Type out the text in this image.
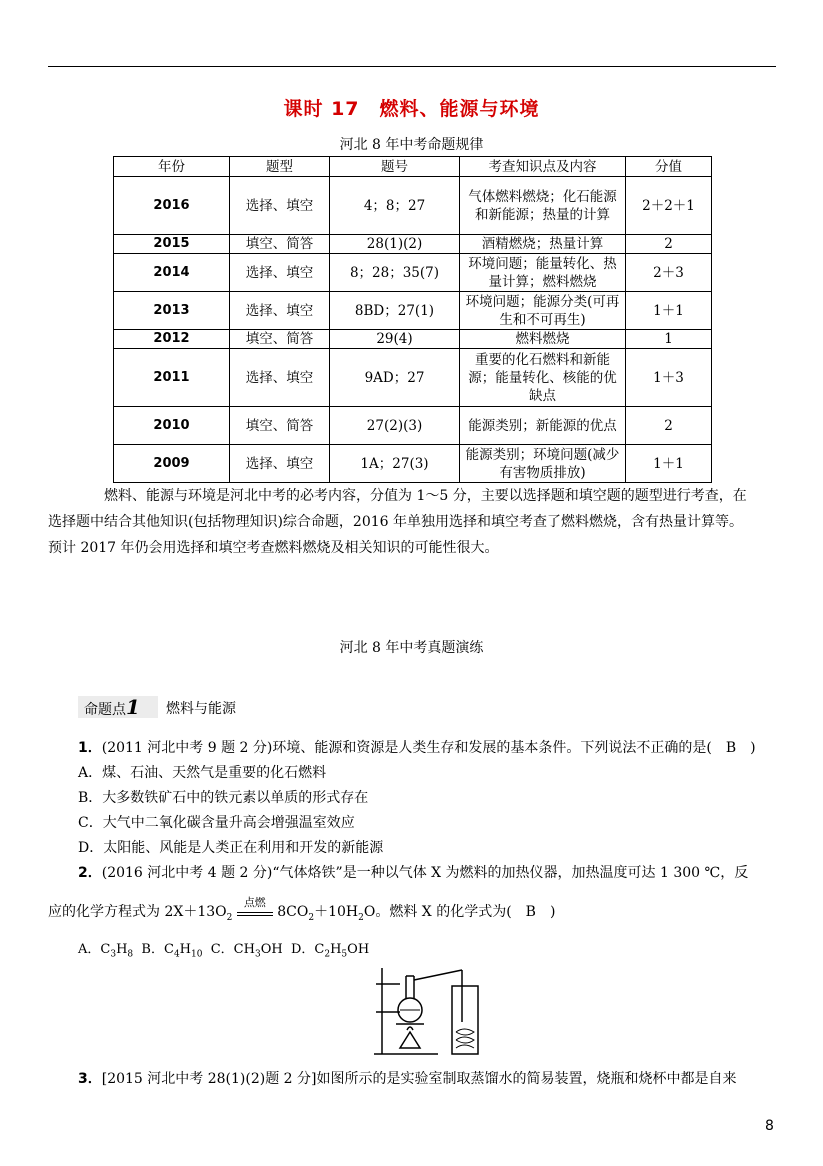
课时 17　燃料、能源与环境
河北 8 年中考命题规律
年份	题型	题号	考查知识点及内容	分值
2016	选择、填空	4；8；27	气体燃料燃烧；化石能源和新能源；热量的计算	2＋2＋1
2015	填空、简答	28(1)(2)	酒精燃烧；热量计算	2
2014	选择、填空	8；28；35(7)	环境问题；能量转化、热量计算；燃料燃烧	2＋3
2013	选择、填空	8BD；27(1)	环境问题；能源分类(可再生和不可再生)	1＋1
2012	填空、简答	29(4)	燃料燃烧	1
2011	选择、填空	9AD；27	重要的化石燃料和新能源；能量转化、核能的优缺点	1＋3
2010	填空、简答	27(2)(3)	能源类别；新能源的优点	2
2009	选择、填空	1A；27(3)	能源类别；环境问题(减少有害物质排放)	1＋1
燃料、能源与环境是河北中考的必考内容，分值为 1～5 分，主要以选择题和填空题的题型进行考查，在
选择题中结合其他知识(包括物理知识)综合命题，2016 年单独用选择和填空考查了燃料燃烧，含有热量计算等。
预计 2017 年仍会用选择和填空考查燃料燃烧及相关知识的可能性很大。
河北 8 年中考真题演练
命题点1	燃料与能源
1．(2011 河北中考 9 题 2 分)环境、能源和资源是人类生存和发展的基本条件。下列说法不正确的是(　B　)
A．煤、石油、天然气是重要的化石燃料
B．大多数铁矿石中的铁元素以单质的形式存在
C．大气中二氧化碳含量升高会增强温室效应
D．太阳能、风能是人类正在利用和开发的新能源
2．(2016 河北中考 4 题 2 分)“气体烙铁”是一种以气体 X 为燃料的加热仪器，加热温度可达 1 300 ℃，反
应的化学方程式为 $2X+13O_2$
点燃
$8CO_2+10H_2O$。燃料 X 的化学式为(　B　)
A．$C_3H_8$ B．$C_4H_{10}$ C．$CH_3OH$  D．$C_2H_5OH$
3．[2015 河北中考 28(1)(2)题 2 分]如图所示的是实验室制取蒸馏水的简易装置，烧瓶和烧杯中都是自来
8
